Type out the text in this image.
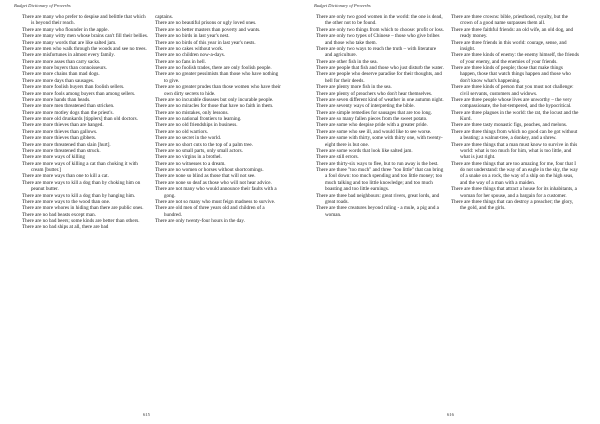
Budget Dictionary of Proverbs

There are many who prefer to despise and belittle that which is beyond their reach.

There are many who flounder in the apple.

There are many witty men whose brains can't fill their bellies.

There are many words that are like salted jam.

There are men who walk through the woods and see no trees.

There are misfortunes in almost every family.

There are more asses than carry sacks.

There are more buyers than connoisseurs.

There are more chains than mad dogs.

There are more days than sausages.

There are more foolish buyers than foolish sellers.

There are more fools among buyers than among sellers.

There are more hands than heads.

There are more men threatened than stricken.

There are more motley dogs than the priest's.

There are more old drunkards [tipplers] than old doctors.

There are more thieves than are hanged.

There are more thieves than gallows.

There are more thieves than gibbets.

There are more threatened than slain [hurt].

There are more threatened than struck.

There are more ways of killing

There are more ways of killing a cat than choking it with cream [butter.]

There are more ways than one to kill a cat.

There are more ways to kill a dog than by choking him on peanut butter.

There are more ways to kill a dog than by hanging him.

There are more ways to the wood than one.

There are more whores in hiding than there are public ones.

There are no bad beasts except man.

There are no bad beers; some kinds are better than others.

There are no bad ships at all, there are bad

captains.

There are no beautiful prisons or ugly loved ones.

There are no better masters than poverty and wants.

There are no birds in last year's nest.

There are no birds of this year in last year's nests.

There are no cakes without work.

There are no children now-a-days.

There are no fans in hell.

There are no foolish trades, there are only foolish people.

There are no greater pessimists than those who have nothing to give.

There are no greater prudes than those women who have their own dirty secrets to hide.

There are no incurable diseases but only incurable people.

There are no miracles for those that have no faith in them.

There are no mistakes, only lessons.

There are no national frontiers to learning.

There are no old friendships in business.

There are no old warriors.

There are no secret in the world.

There are no short cuts to the top of a palm tree.

There are no small parts, only small actors.

There are no virgins in a brothel.

There are no witnesses to a dream.

There are no women or horses without shortcomings.

There are none so blind as those that will not see.

There are none so deaf as those who will not hear advice.

There are not many who would announce their faults with a gong.

There are not so many who must feign madness to survive.

There are old men of three years old and children of a hundred.

There are only twenty-four hours in the day.

615
Budget Dictionary of Proverbs

There are only two good women in the world: the one is dead, the other not to be found.

There are only two things from which to choose: profit or loss.

There are only two types of Chinese – those who give bribes and those who take them.

There are only two ways to reach the truth – with literature and agriculture.

There are other fish in the sea.

There are people that fish and those who just disturb the water.

There are people who deserve paradise for their thoughts, and hell for their deeds.

There are plenty more fish in the sea.

There are plenty of preachers who don't hear themselves.

There are seven different kind of weather in one autumn night.

There are seventy ways of interpreting the bible.

There are simple remedies for sausages that are too long.

There are so many fallen pieces from the sweet potato.

There are some who despise pride with a greater pride.

There are some who see ill, and would like to see worse.

There are some with thirty, some with thirty one, with twenty-eight there is but one.

There are some words that look like salted jam.

There are still errors.

There are thirty-six ways to flee, but to run away is the best.

There are three "too much" and three "too little" that can bring a fool down: too much spending and too little money; too much talking and too little knowledge; and too much boasting and too little earnings.

There are three bad neighbours: great rivers, great lords, and great roads.

There are three creatures beyond ruling - a mule, a pig and a woman.

There are three crowns: bible, priesthood, royalty, but the crown of a good name surpasses them all.

There are three faithful friends: an old wife, an old dog, and ready money.

There are three friends in this world: courage, sense, and insight.

There are three kinds of enemy: the enemy himself, the friends of your enemy, and the enemies of your friends.

There are three kinds of people; those that make things happen, those that watch things happen and those who don't know what's happening.

There are three kinds of person that you must not challenge: civil servants, customers and widows.

There are three people whose lives are unworthy – the very compassionate, the hot-tempered, and the hypocritical.

There are three plagues in the world: the rat, the locust and the Kurd.

There are three tasty monastic figs, peaches, and melons.

There are three things from which no good can be got without a beating: a walnut-tree, a donkey, and a shrew.

There are three things that a man must know to survive in this world: what is too much for him, what is too little, and what is just right.

There are three things that are too amazing for me, four that I do not understand: the way of an eagle in the sky, the way of a snake on a rock, the way of a ship on the high seas, and the way of a man with a maiden.

There are three things that attract a house for its inhabitants, a woman for her spouse, and a bargain for a customer.

There are three things that can destroy a preacher; the glory, the gold, and the girls.

616
